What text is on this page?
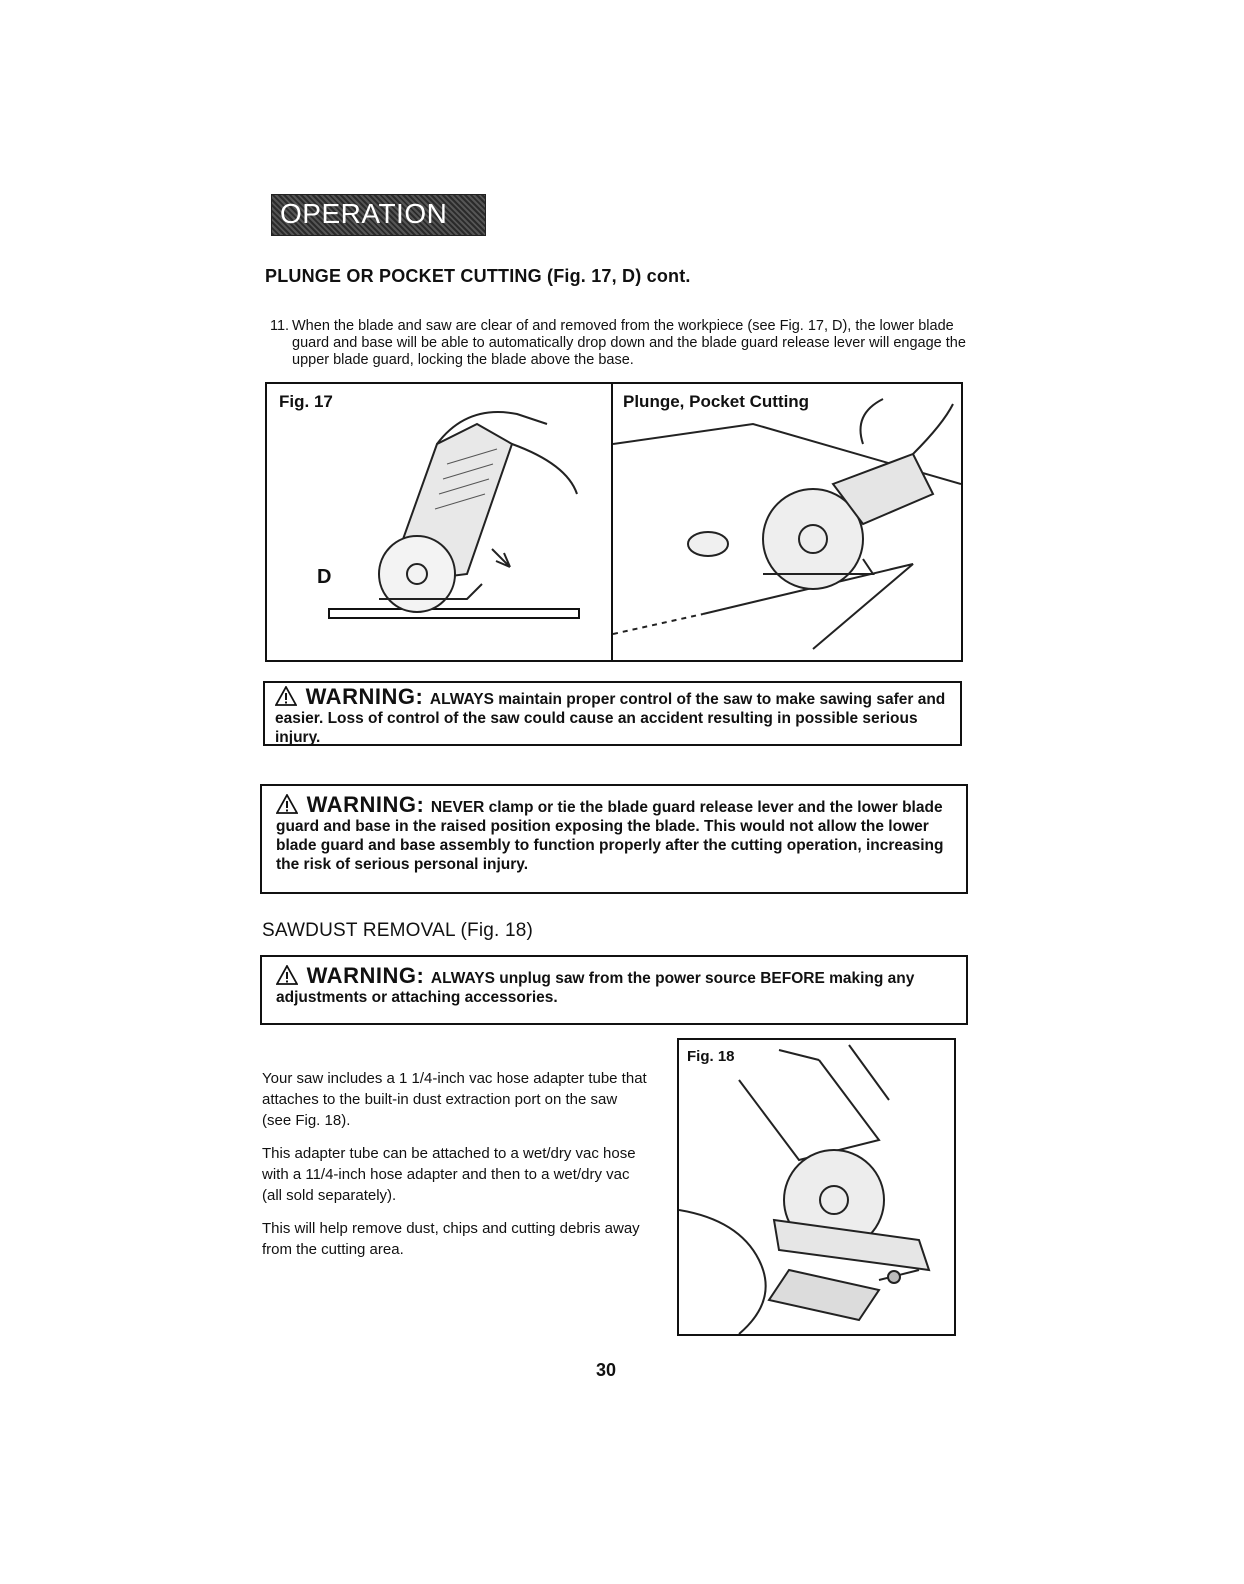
OPERATION cont.
PLUNGE OR POCKET CUTTING (Fig. 17, D) cont.
11. When the blade and saw are clear of and removed from the workpiece (see Fig. 17, D), the lower blade guard and base will be able to automatically drop down and the blade guard release lever will engage the upper blade guard, locking the blade above the base.
Fig. 17
D
Plunge, Pocket Cutting
WARNING: ALWAYS maintain proper control of the saw to make sawing safer and easier. Loss of control of the saw could cause an accident resulting in possible serious injury.
WARNING: NEVER clamp or tie the blade guard release lever and the lower blade guard and base in the raised position exposing the blade. This would not allow the lower blade guard and base assembly to function properly after the cutting operation, increasing the risk of serious personal injury.
SAWDUST REMOVAL (Fig. 18)
WARNING: ALWAYS unplug saw from the power source BEFORE making any adjustments or attaching accessories.

Your saw includes a 1 1/4-inch vac hose adapter tube that attaches to the built-in dust extraction port on the saw (see Fig. 18).

This adapter tube can be attached to a wet/dry vac hose with a 11/4-inch hose adapter and then to a wet/dry vac (all sold separately).

This will help remove dust, chips and cutting debris away from the cutting area.

Fig. 18
30
